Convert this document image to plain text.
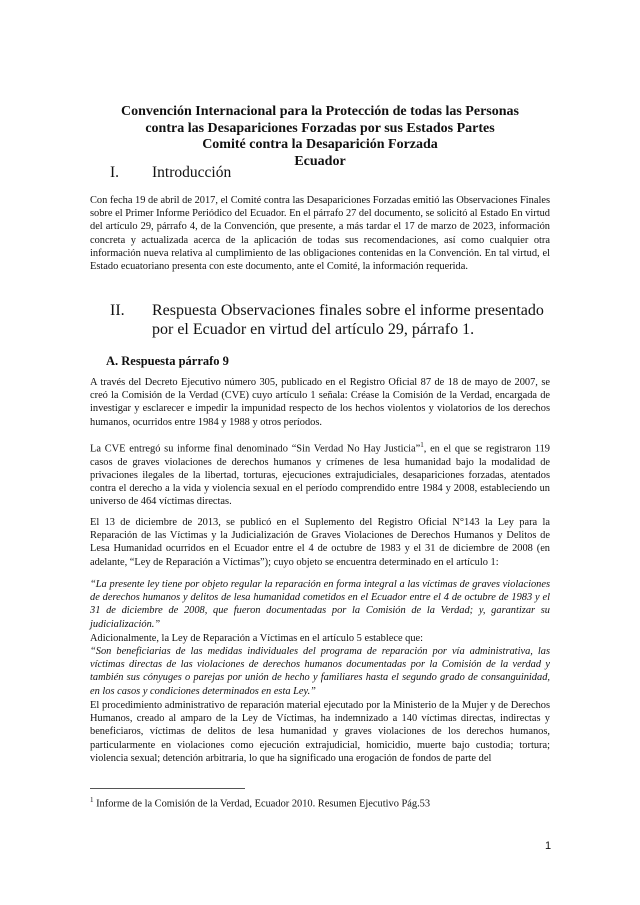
Convención Internacional para la Protección de todas las Personas
contra las Desapariciones Forzadas por sus Estados Partes
Comité contra la Desaparición Forzada
Ecuador
I. Introducción
Con fecha 19 de abril de 2017, el Comité contra las Desapariciones Forzadas emitió las Observaciones Finales sobre el Primer Informe Periódico del Ecuador. En el párrafo 27 del documento, se solicitó al Estado En virtud del artículo 29, párrafo 4, de la Convención, que presente, a más tardar el 17 de marzo de 2023, información concreta y actualizada acerca de la aplicación de todas sus recomendaciones, así como cualquier otra información nueva relativa al cumplimiento de las obligaciones contenidas en la Convención. En tal virtud, el Estado ecuatoriano presenta con este documento, ante el Comité, la información requerida.
II.	Respuesta Observaciones finales sobre el informe presentado por el Ecuador en virtud del artículo 29, párrafo 1.
A. Respuesta párrafo 9
A través del Decreto Ejecutivo número 305, publicado en el Registro Oficial 87 de 18 de mayo de 2007, se creó la Comisión de la Verdad (CVE) cuyo artículo 1 señala: Créase la Comisión de la Verdad, encargada de investigar y esclarecer e impedir la impunidad respecto de los hechos violentos y violatorios de los derechos humanos, ocurridos entre 1984 y 1988 y otros períodos.
La CVE entregó su informe final denominado “Sin Verdad No Hay Justicia”$^1$, en el que se registraron 119 casos de graves violaciones de derechos humanos y crímenes de lesa humanidad bajo la modalidad de privaciones ilegales de la libertad, torturas, ejecuciones extrajudiciales, desapariciones forzadas, atentados contra el derecho a la vida y violencia sexual en el período comprendido entre 1984 y 2008, estableciendo un universo de 464 víctimas directas.
El 13 de diciembre de 2013, se publicó en el Suplemento del Registro Oficial N°143 la Ley para la Reparación de las Víctimas y la Judicialización de Graves Violaciones de Derechos Humanos y Delitos de Lesa Humanidad ocurridos en el Ecuador entre el 4 de octubre de 1983 y el 31 de diciembre de 2008 (en adelante, “Ley de Reparación a Víctimas”); cuyo objeto se encuentra determinado en el artículo 1:
“La presente ley tiene por objeto regular la reparación en forma integral a las víctimas de graves violaciones de derechos humanos y delitos de lesa humanidad cometidos en el Ecuador entre el 4 de octubre de 1983 y el 31 de diciembre de 2008, que fueron documentadas por la Comisión de la Verdad; y, garantizar su judicialización.”
Adicionalmente, la Ley de Reparación a Víctimas en el artículo 5 establece que:
“Son beneficiarias de las medidas individuales del programa de reparación por vía administrativa, las víctimas directas de las violaciones de derechos humanos documentadas por la Comisión de la verdad y también sus cónyuges o parejas por unión de hecho y familiares hasta el segundo grado de consanguinidad, en los casos y condiciones determinados en esta Ley.”
El procedimiento administrativo de reparación material ejecutado por la Ministerio de la Mujer y de Derechos Humanos, creado al amparo de la Ley de Víctimas, ha indemnizado a 140 víctimas directas, indirectas y beneficiaros, víctimas de delitos de lesa humanidad y graves violaciones de los derechos humanos, particularmente en violaciones como ejecución extrajudicial, homicidio, muerte bajo custodia; tortura; violencia sexual; detención arbitraria, lo que ha significado una erogación de fondos de parte del
$^1$ Informe de la Comisión de la Verdad, Ecuador 2010. Resumen Ejecutivo Pág.53
1
